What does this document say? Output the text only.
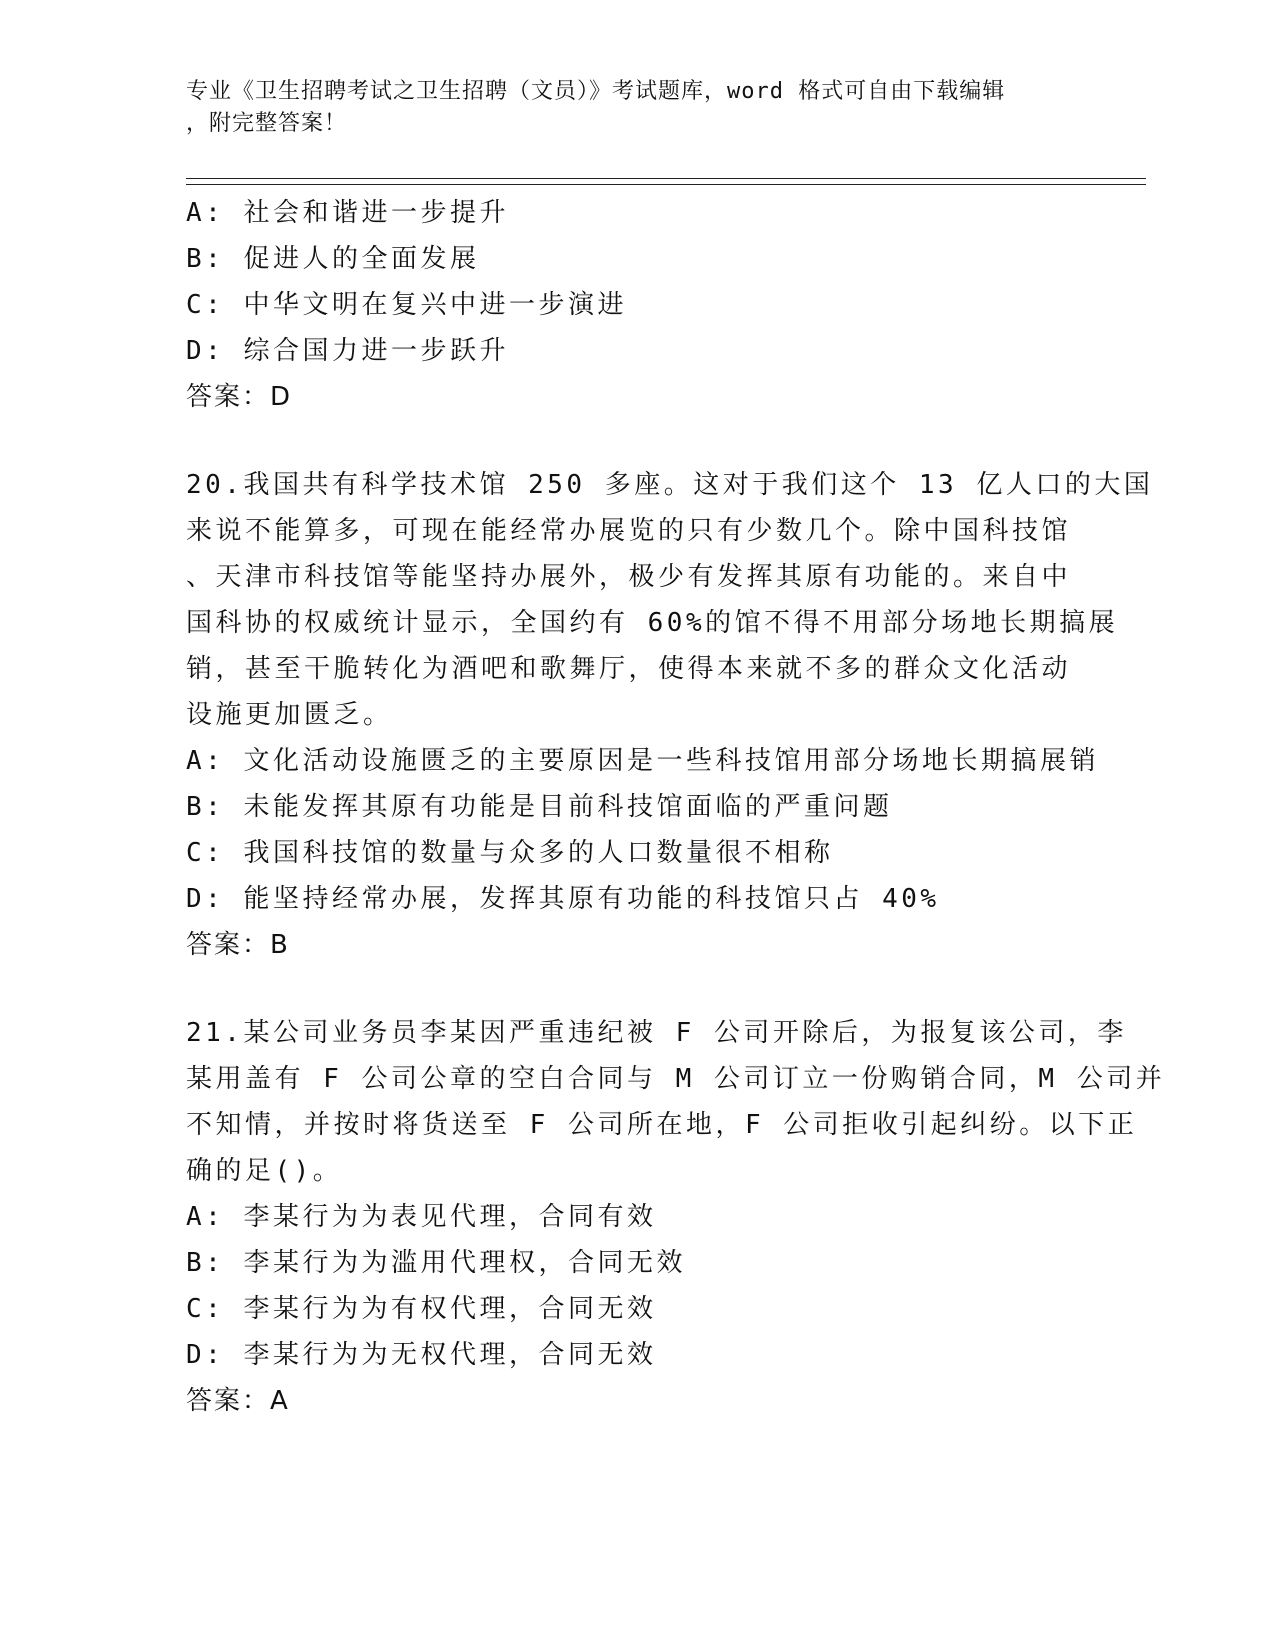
专业《卫生招聘考试之卫生招聘（文员）》考试题库，word 格式可自由下载编辑
，附完整答案！
A: 社会和谐进一步提升
B: 促进人的全面发展
C: 中华文明在复兴中进一步演进
D: 综合国力进一步跃升
答案：D
20.我国共有科学技术馆 250 多座。这对于我们这个 13 亿人口的大国
来说不能算多，可现在能经常办展览的只有少数几个。除中国科技馆
、天津市科技馆等能坚持办展外，极少有发挥其原有功能的。来自中
国科协的权威统计显示，全国约有 60%的馆不得不用部分场地长期搞展
销，甚至干脆转化为酒吧和歌舞厅，使得本来就不多的群众文化活动
设施更加匮乏。
A: 文化活动设施匮乏的主要原因是一些科技馆用部分场地长期搞展销
B: 未能发挥其原有功能是目前科技馆面临的严重问题
C: 我国科技馆的数量与众多的人口数量很不相称
D: 能坚持经常办展，发挥其原有功能的科技馆只占 40%
答案：B
21.某公司业务员李某因严重违纪被 F 公司开除后，为报复该公司，李
某用盖有 F 公司公章的空白合同与 M 公司订立一份购销合同，M 公司并
不知情，并按时将货送至 F 公司所在地，F 公司拒收引起纠纷。以下正
确的足()。
A: 李某行为为表见代理，合同有效
B: 李某行为为滥用代理权，合同无效
C: 李某行为为有权代理，合同无效
D: 李某行为为无权代理，合同无效
答案：A
